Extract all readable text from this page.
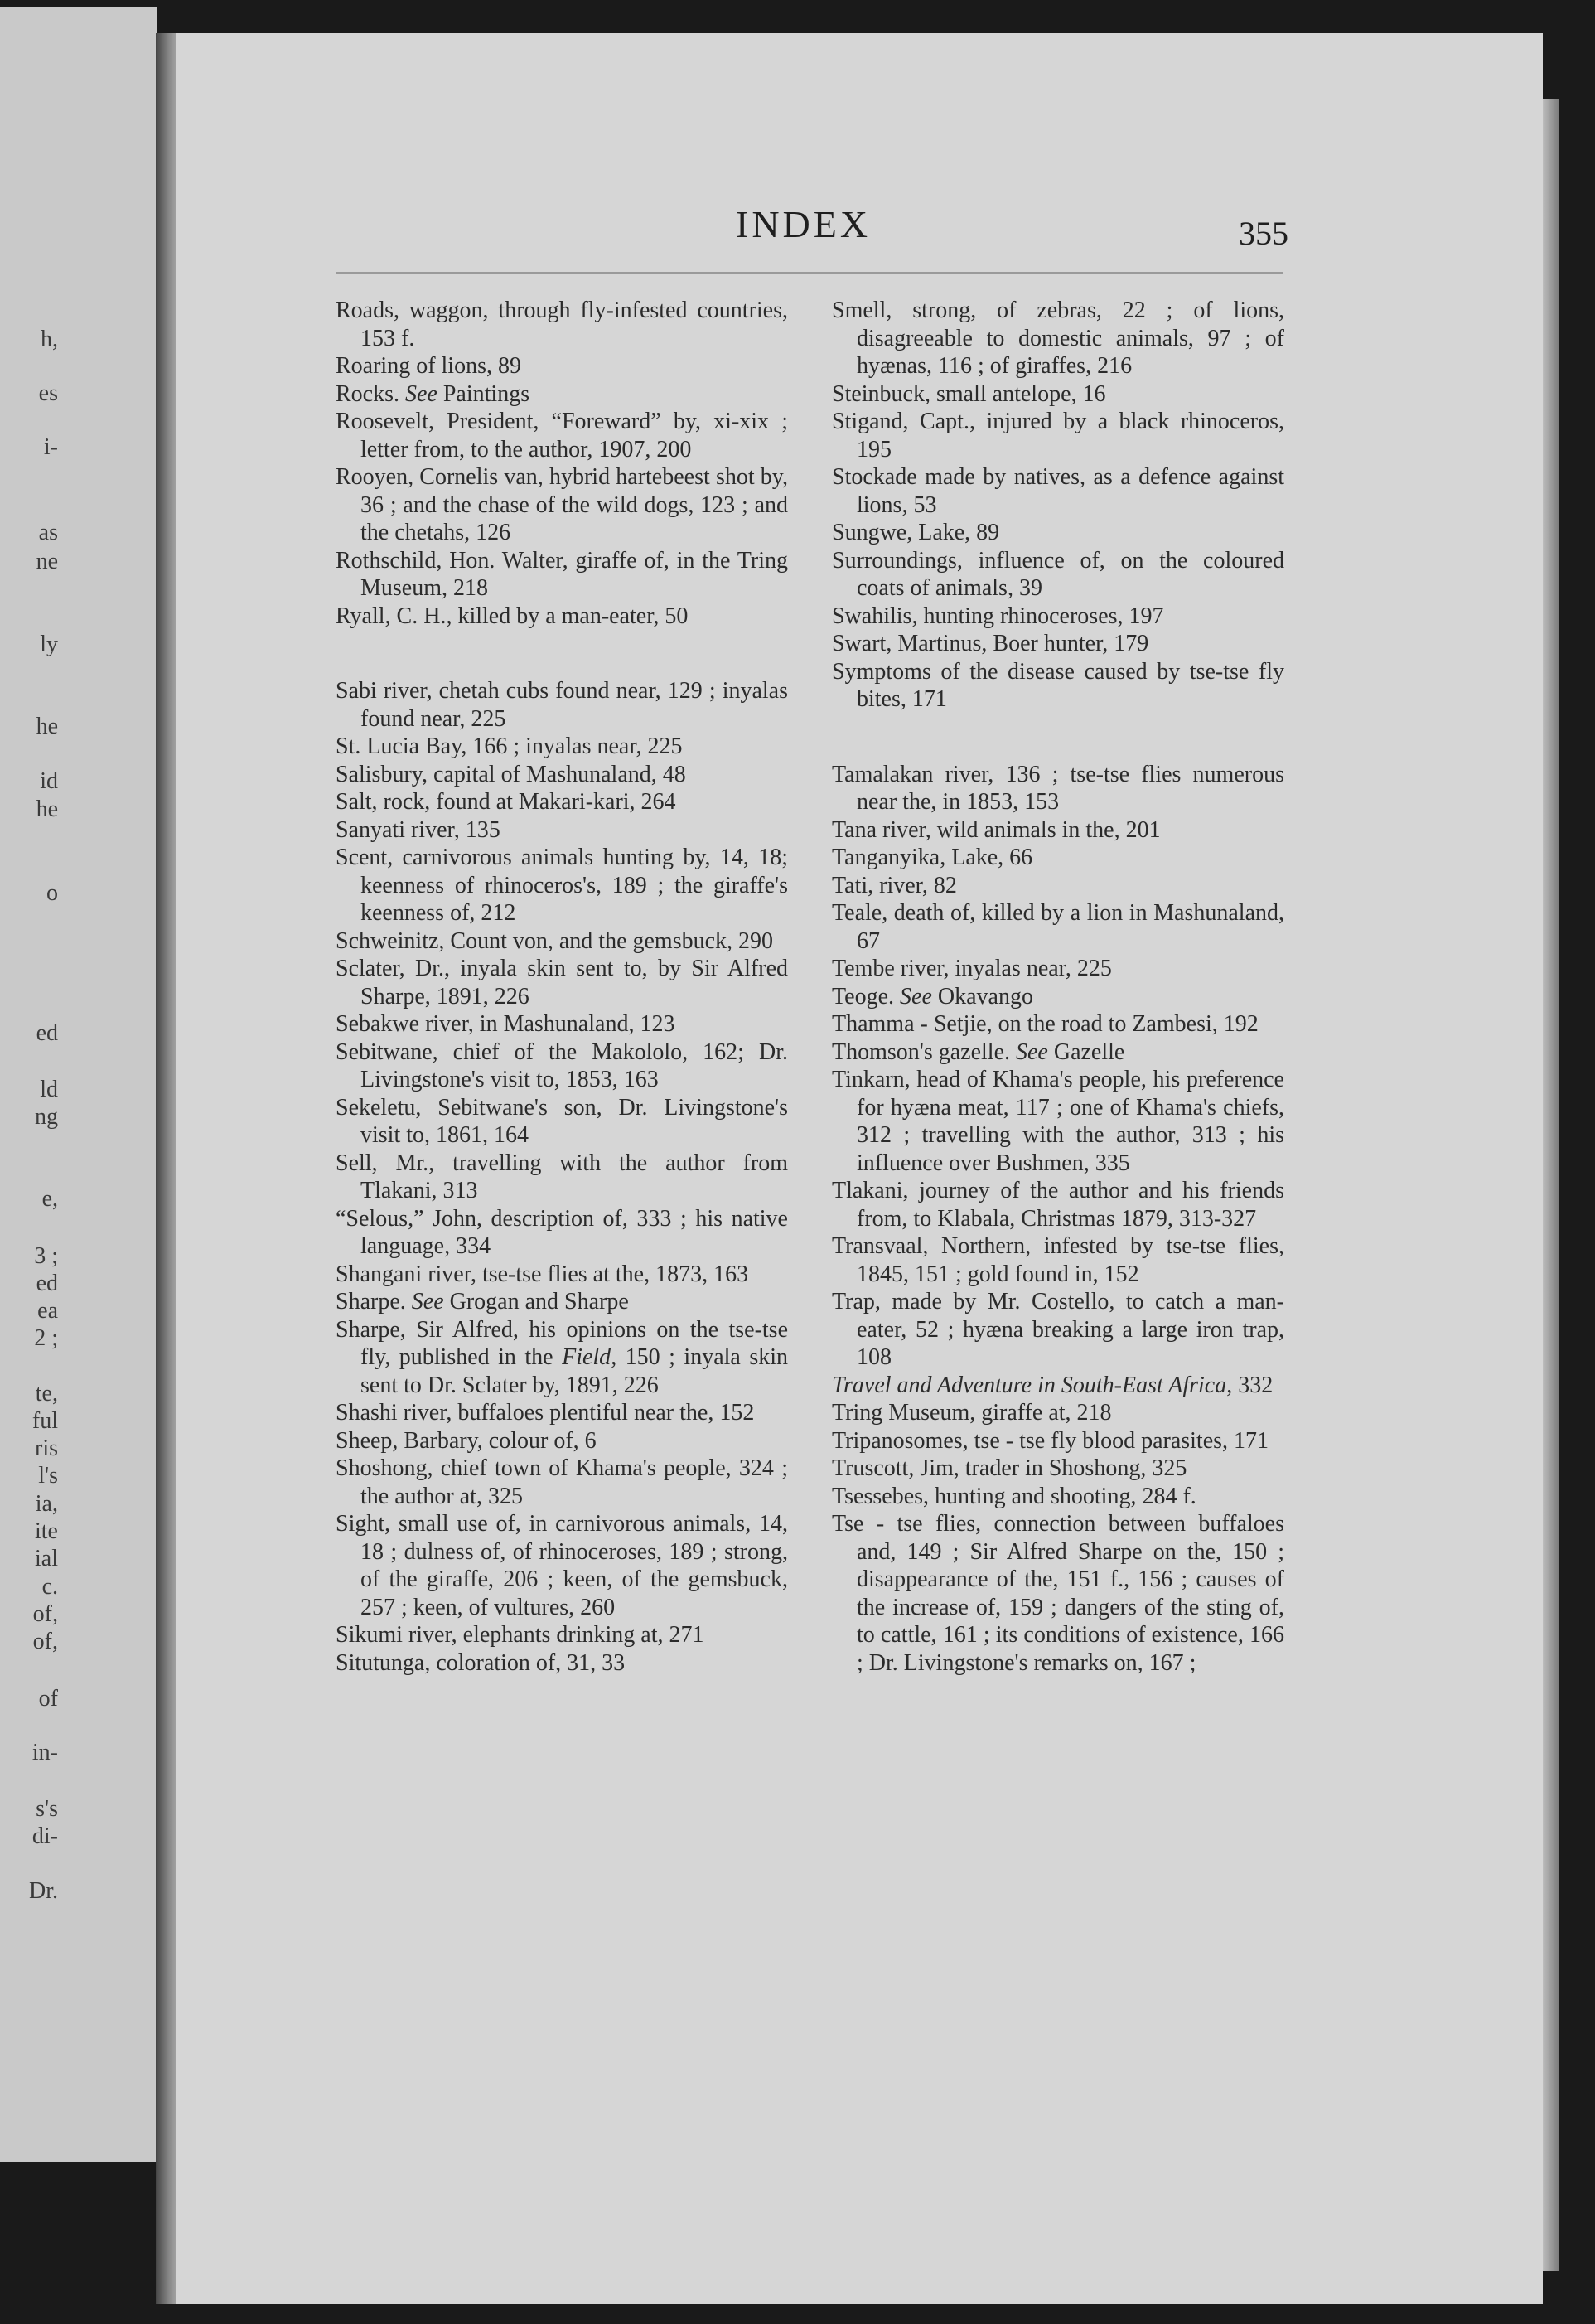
h,
es
i-
as
ne
ly
he
id
he
o
ed
ld
ng
e,
3 ;
ed
ea
2 ;
te,
ful
ris
l's
ia,
ite
ial
c.
of,
of,
of
in-
s's
di-
Dr.
INDEX	355

Roads, waggon, through fly-infested countries, 153 f.

Roaring of lions, 89

Rocks. See Paintings

Roosevelt, President, “Foreward” by, xi-xix ; letter from, to the author, 1907, 200

Rooyen, Cornelis van, hybrid hartebeest shot by, 36 ; and the chase of the wild dogs, 123 ; and the chetahs, 126

Rothschild, Hon. Walter, giraffe of, in the Tring Museum, 218

Ryall, C. H., killed by a man-eater, 50

Sabi river, chetah cubs found near, 129 ; inyalas found near, 225

St. Lucia Bay, 166 ; inyalas near, 225

Salisbury, capital of Mashunaland, 48

Salt, rock, found at Makari-kari, 264

Sanyati river, 135

Scent, carnivorous animals hunting by, 14, 18; keenness of rhinoceros's, 189 ; the giraffe's keenness of, 212

Schweinitz, Count von, and the gemsbuck, 290

Sclater, Dr., inyala skin sent to, by Sir Alfred Sharpe, 1891, 226

Sebakwe river, in Mashunaland, 123

Sebitwane, chief of the Makololo, 162; Dr. Livingstone's visit to, 1853, 163

Sekeletu, Sebitwane's son, Dr. Livingstone's visit to, 1861, 164

Sell, Mr., travelling with the author from Tlakani, 313

“Selous,” John, description of, 333 ; his native language, 334

Shangani river, tse-tse flies at the, 1873, 163

Sharpe. See Grogan and Sharpe

Sharpe, Sir Alfred, his opinions on the tse-tse fly, published in the Field, 150 ; inyala skin sent to Dr. Sclater by, 1891, 226

Shashi river, buffaloes plentiful near the, 152

Sheep, Barbary, colour of, 6

Shoshong, chief town of Khama's people, 324 ; the author at, 325

Sight, small use of, in carnivorous animals, 14, 18 ; dulness of, of rhinoceroses, 189 ; strong, of the giraffe, 206 ; keen, of the gemsbuck, 257 ; keen, of vultures, 260

Sikumi river, elephants drinking at, 271

Situtunga, coloration of, 31, 33

Smell, strong, of zebras, 22 ; of lions, disagreeable to domestic animals, 97 ; of hyænas, 116 ; of giraffes, 216

Steinbuck, small antelope, 16

Stigand, Capt., injured by a black rhinoceros, 195

Stockade made by natives, as a defence against lions, 53

Sungwe, Lake, 89

Surroundings, influence of, on the coloured coats of animals, 39

Swahilis, hunting rhinoceroses, 197

Swart, Martinus, Boer hunter, 179

Symptoms of the disease caused by tse-tse fly bites, 171

Tamalakan river, 136 ; tse-tse flies numerous near the, in 1853, 153

Tana river, wild animals in the, 201

Tanganyika, Lake, 66

Tati, river, 82

Teale, death of, killed by a lion in Mashunaland, 67

Tembe river, inyalas near, 225

Teoge. See Okavango

Thamma - Setjie, on the road to Zambesi, 192

Thomson's gazelle. See Gazelle

Tinkarn, head of Khama's people, his preference for hyæna meat, 117 ; one of Khama's chiefs, 312 ; travelling with the author, 313 ; his influence over Bushmen, 335

Tlakani, journey of the author and his friends from, to Klabala, Christmas 1879, 313-327

Transvaal, Northern, infested by tse-tse flies, 1845, 151 ; gold found in, 152

Trap, made by Mr. Costello, to catch a man-eater, 52 ; hyæna breaking a large iron trap, 108

Travel and Adventure in South-East Africa, 332

Tring Museum, giraffe at, 218

Tripanosomes, tse - tse fly blood parasites, 171

Truscott, Jim, trader in Shoshong, 325

Tsessebes, hunting and shooting, 284 f.

Tse - tse flies, connection between buffaloes and, 149 ; Sir Alfred Sharpe on the, 150 ; disappearance of the, 151 f., 156 ; causes of the increase of, 159 ; dangers of the sting of, to cattle, 161 ; its conditions of existence, 166 ; Dr. Livingstone's remarks on, 167 ;
